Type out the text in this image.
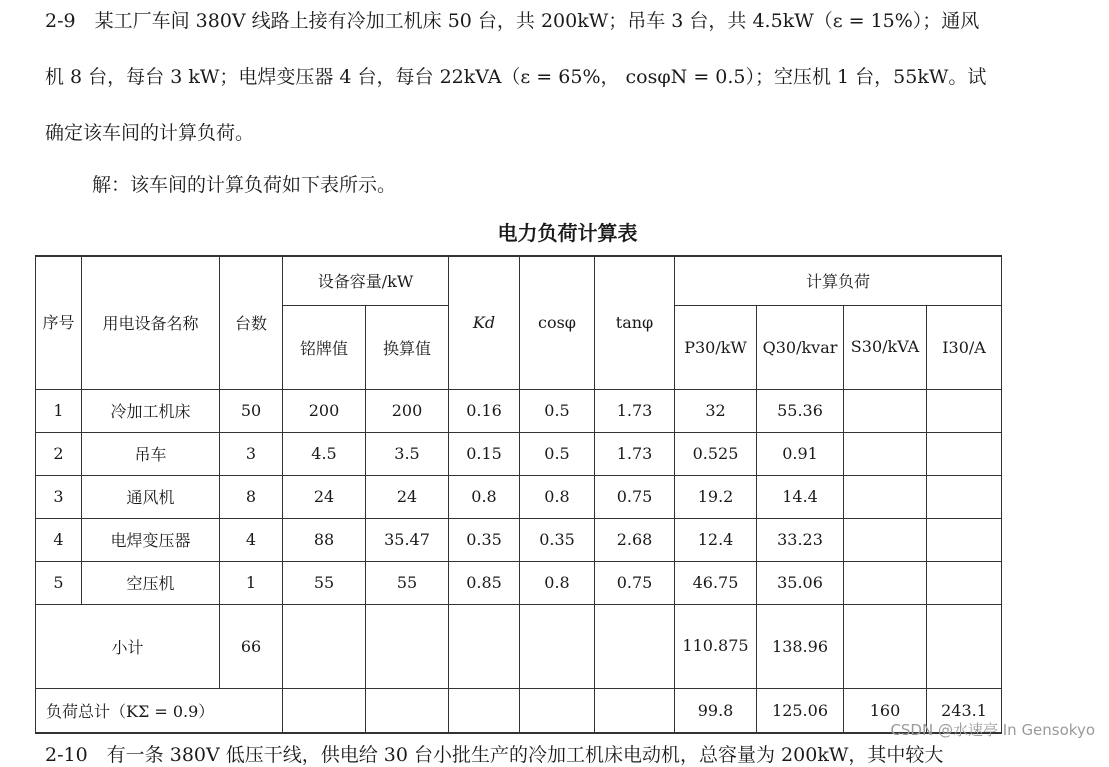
2-9　某工厂车间 380V 线路上接有冷加工机床 50 台，共 200kW；吊车 3 台，共 4.5kW（ε = 15%）；通风
机 8 台，每台 3 kW；电焊变压器 4 台，每台 22kVA（ε = 65%， cosφN = 0.5）；空压机 1 台，55kW。试
确定该车间的计算负荷。
解：该车间的计算负荷如下表所示。
电力负荷计算表
序号	用电设备名称	台数	设备容量/kW		Kd	cosφ	tanφ	计算负荷			
			铭牌值	换算值				P30/kW	Q30/kvar	S30/kVA	I30/A
1	冷加工机床	50	200	200	0.16	0.5	1.73	32	55.36		
2	吊车	3	4.5	3.5	0.15	0.5	1.73	0.525	0.91		
3	通风机	8	24	24	0.8	0.8	0.75	19.2	14.4		
4	电焊变压器	4	88	35.47	0.35	0.35	2.68	12.4	33.23		
5	空压机	1	55	55	0.85	0.8	0.75	46.75	35.06		
小计		66						110.875	138.96		
负荷总计（KΣ = 0.9）								99.8	125.06	160	243.1
CSDN @水速亭 In Gensokyo
2-10　有一条 380V 低压干线，供电给 30 台小批生产的冷加工机床电动机，总容量为 200kW，其中较大
